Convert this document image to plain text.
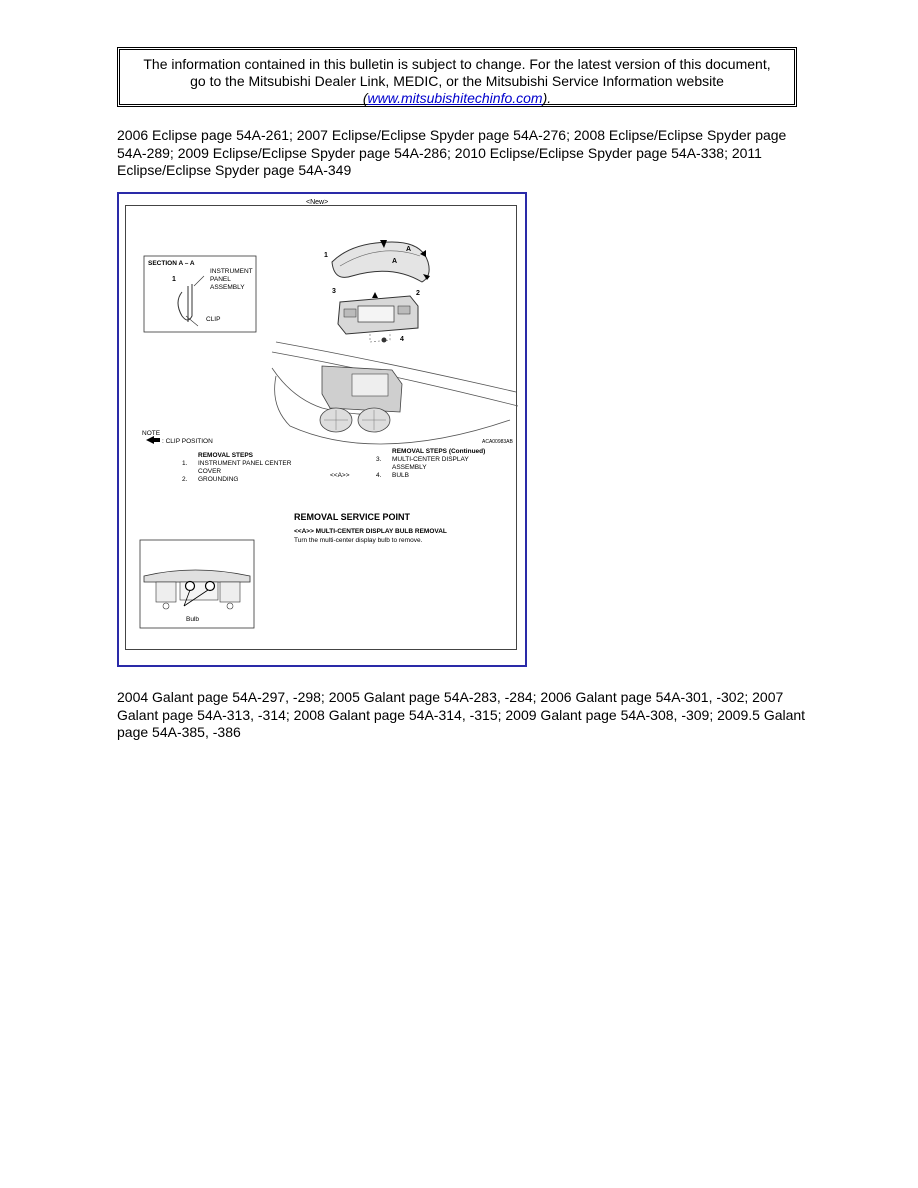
The information contained in this bulletin is subject to change. For the latest version of this document,
go to the Mitsubishi Dealer Link, MEDIC, or the Mitsubishi Service Information website
(www.mitsubishitechinfo.com).
2006 Eclipse page 54A-261; 2007 Eclipse/Eclipse Spyder page 54A-276; 2008 Eclipse/Eclipse Spyder page 54A-289; 2009 Eclipse/Eclipse Spyder page 54A-286; 2010 Eclipse/Eclipse Spyder page 54A-338; 2011 Eclipse/Eclipse Spyder page 54A-349
<New>
SECTION A – A
1
INSTRUMENT
PANEL
ASSEMBLY
CLIP
1
2
3
4
A
A
ACA00983AB
NOTE
: CLIP POSITION
REMOVAL STEPS
1. INSTRUMENT PANEL CENTER
COVER
2. GROUNDING
REMOVAL STEPS (Continued)
3. MULTI-CENTER DISPLAY
ASSEMBLY
<<A>>	4. BULB
REMOVAL SERVICE POINT
<<A>> MULTI-CENTER DISPLAY BULB REMOVAL
Turn the multi-center display bulb to remove.
Bulb
2004 Galant page 54A-297, -298; 2005 Galant page 54A-283, -284; 2006 Galant page 54A-301, -302; 2007 Galant page 54A-313, -314; 2008 Galant page 54A-314, -315; 2009 Galant page 54A-308, -309; 2009.5 Galant page 54A-385, -386
